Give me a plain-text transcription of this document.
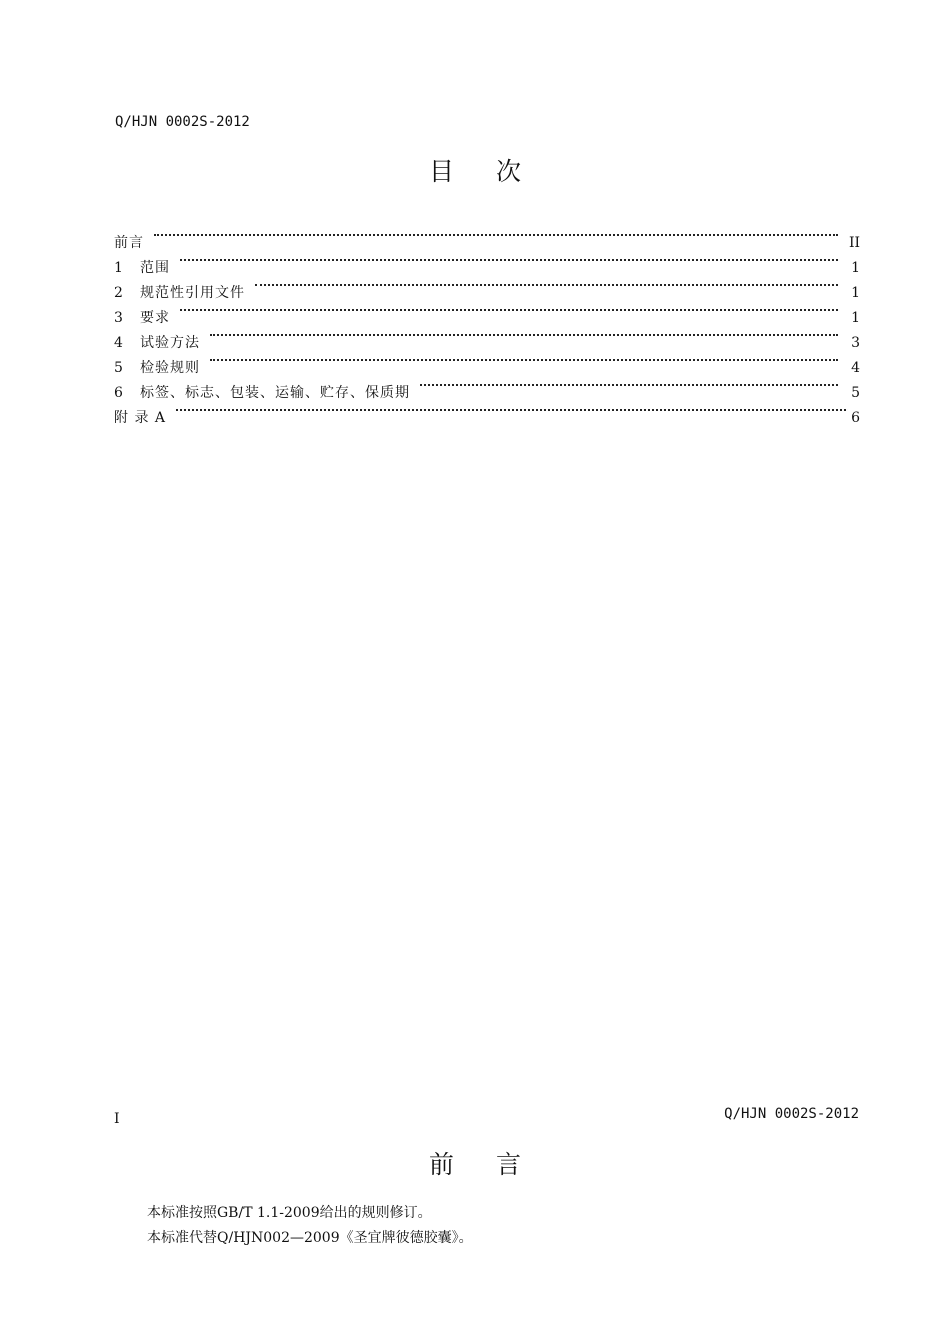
Q/HJN 0002S-2012
目次
前言	II
1	范围	1
2	规范性引用文件	1
3	要求	1
4	试验方法	3
5	检验规则	4
6	标签、标志、包装、运输、贮存、保质期	5
附 录 A	6
I	Q/HJN 0002S-2012
前言
本标准按照GB/T 1.1-2009给出的规则修订。
本标准代替Q/HJN002—2009《圣宜牌彼德胶囊》。
